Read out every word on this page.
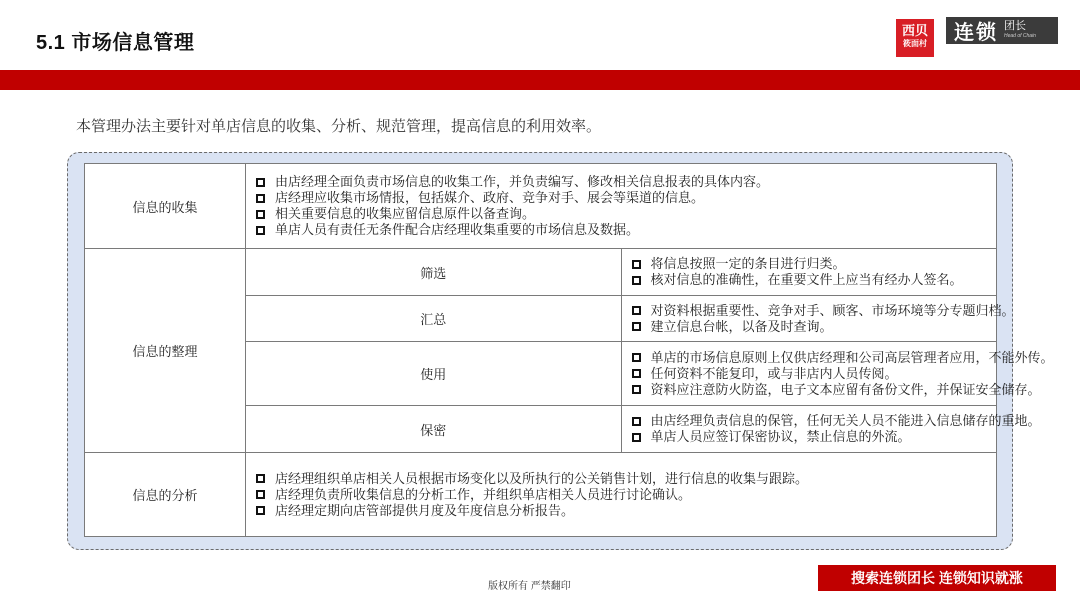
5.1 市场信息管理
西贝
筱面村	连锁 团长
Head of Chain
本管理办法主要针对单店信息的收集、分析、规范管理，提高信息的利用效率。
信息的收集	由店经理全面负责市场信息的收集工作，并负责编写、修改相关信息报表的具体内容。
店经理应收集市场情报，包括媒介、政府、竞争对手、展会等渠道的信息。
相关重要信息的收集应留信息原件以备查询。
单店人员有责任无条件配合店经理收集重要的市场信息及数据。	

信息的整理	筛选	将信息按照一定的条目进行归类。
核对信息的准确性，在重要文件上应当有经办人签名。

	汇总	对资料根据重要性、竞争对手、顾客、市场环境等分专题归档。
建立信息台帐，以备及时查询。

	使用	单店的市场信息原则上仅供店经理和公司高层管理者应用，不能外传。
任何资料不能复印，或与非店内人员传阅。
资料应注意防火防盗，电子文本应留有备份文件，并保证安全储存。

	保密	由店经理负责信息的保管，任何无关人员不能进入信息储存的重地。
单店人员应签订保密协议，禁止信息的外流。

信息的分析	店经理组织单店相关人员根据市场变化以及所执行的公关销售计划，进行信息的收集与跟踪。
店经理负责所收集信息的分析工作，并组织单店相关人员进行讨论确认。
店经理定期向店管部提供月度及年度信息分析报告。	
版权所有 严禁翻印
搜索连锁团长 连锁知识就涨
